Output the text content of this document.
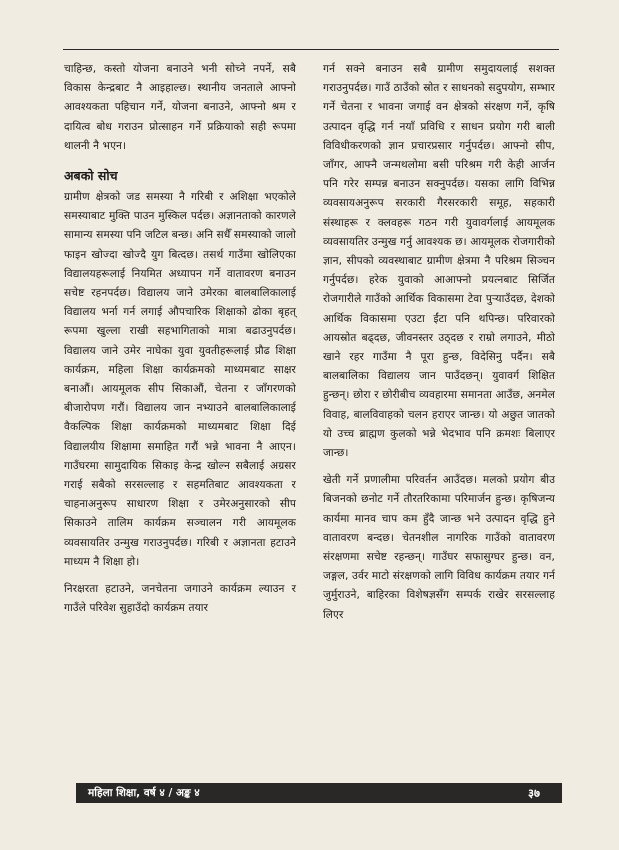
चाहिन्छ, कस्तो योजना बनाउने भनी सोच्ने नपर्ने, सबै विकास केन्द्रबाट नै आइहाल्छ। स्थानीय जनताले आफ्नो आवश्यकता पहिचान गर्ने, योजना बनाउने, आफ्नो श्रम र दायित्व बोध गराउन प्रोत्साहन गर्ने प्रक्रियाको सही रूपमा थालनी नै भएन।

अबको सोच

ग्रामीण क्षेत्रको जड समस्या नै गरिबी र अशिक्षा भएकोले समस्याबाट मुक्ति पाउन मुस्किल पर्दछ। अज्ञानताको कारणले सामान्य समस्या पनि जटिल बन्छ। अनि सधैँ समस्याको जालो फाइन खोज्दा खोज्दै युग बित्दछ। तसर्थ गाउँमा खोलिएका विद्यालयहरूलाई नियमित अध्यापन गर्ने वातावरण बनाउन सचेष्ट रहनपर्दछ। विद्यालय जाने उमेरका बालबालिकालाई विद्यालय भर्ना गर्न लगाई औपचारिक शिक्षाको ढोका बृहत् रूपमा खुल्ला राखी सहभागिताको मात्रा बढाउनुपर्दछ। विद्यालय जाने उमेर नाघेका युवा युवतीहरूलाई प्रौढ शिक्षा कार्यक्रम, महिला शिक्षा कार्यक्रमको माध्यमबाट साक्षर बनाऔं। आयमूलक सीप सिकाऔं, चेतना र जाँगरणको बीजारोपण गरौं। विद्यालय जान नभ्याउने बालबालिकालाई वैकल्पिक शिक्षा कार्यक्रमको माध्यमबाट शिक्षा दिई विद्यालयीय शिक्षामा समाहित गरौं भन्ने भावना नै आएन। गाउँघरमा सामुदायिक सिकाइ केन्द्र खोल्न सबैलाई अग्रसर गराई सबैको सरसल्लाह र सहमतिबाट आवश्यकता र चाहनाअनुरूप साधारण शिक्षा र उमेरअनुसारको सीप सिकाउने तालिम कार्यक्रम सञ्चालन गरी आयमूलक व्यवसायतिर उन्मुख गराउनुपर्दछ। गरिबी र अज्ञानता हटाउने माध्यम नै शिक्षा हो।

निरक्षरता हटाउने, जनचेतना जगाउने कार्यक्रम ल्याउन र गाउँले परिवेश सुहाउँदो कार्यक्रम तयार

गर्न सक्ने बनाउन सबै ग्रामीण समुदायलाई सशक्त गराउनुपर्दछ। गाउँ ठाउँको स्रोत र साधनको सदुपयोग, सम्भार गर्ने चेतना र भावना जगाई वन क्षेत्रको संरक्षण गर्ने, कृषि उत्पादन वृद्धि गर्न नयाँ प्रविधि र साधन प्रयोग गरी बाली विविधीकरणको ज्ञान प्रचारप्रसार गर्नुपर्दछ। आफ्नो सीप, जाँगर, आफ्नै जन्मथलोमा बसी परिश्रम गरी केही आर्जन पनि गरेर सम्पन्न बनाउन सक्नुपर्दछ। यसका लागि विभिन्न व्यवसायअनुरूप सरकारी गैरसरकारी समूह, सहकारी संस्थाहरू र क्लवहरू गठन गरी युवावर्गलाई आयमूलक व्यवसायतिर उन्मुख गर्नु आवश्यक छ। आयमूलक रोजगारीको ज्ञान, सीपको व्यवस्थाबाट ग्रामीण क्षेत्रमा नै परिश्रम सिञ्चन गर्नुपर्दछ। हरेक युवाको आआफ्नो प्रयत्नबाट सिर्जित रोजगारीले गाउँको आर्थिक विकासमा टेवा पुर्‍याउँदछ, देशको आर्थिक विकासमा एउटा ईंटा पनि थपिन्छ। परिवारको आयस्रोत बढ्दछ, जीवनस्तर उठ्दछ र राम्रो लगाउने, मीठो खाने रहर गाउँमा नै पूरा हुन्छ, विदेसिनु पर्दैन। सबै बालबालिका विद्यालय जान पाउँदछन्। युवावर्ग शिक्षित हुन्छन्। छोरा र छोरीबीच व्यवहारमा समानता आउँछ, अनमेल विवाह, बालविवाहको चलन हराएर जान्छ। यो अछुत जातको यो उच्च ब्राह्मण कुलको भन्ने भेदभाव पनि क्रमशः बिलाएर जान्छ।

खेती गर्ने प्रणालीमा परिवर्तन आउँदछ। मलको प्रयोग बीउ बिजनको छनोट गर्ने तौरतरिकामा परिमार्जन हुन्छ। कृषिजन्य कार्यमा मानव चाप कम हुँदै जान्छ भने उत्पादन वृद्धि हुने वातावरण बन्दछ। चेतनशील नागरिक गाउँको वातावरण संरक्षणमा सचेष्ट रहन्छन्। गाउँघर सफासुग्घर हुन्छ। वन, जङ्गल, उर्वर माटो संरक्षणको लागि विविध कार्यक्रम तयार गर्न जुर्मुराउने, बाहिरका विशेषज्ञसँग सम्पर्क राखेर सरसल्लाह लिएर

महिला शिक्षा, वर्ष ४ / अङ्क ४	३७
